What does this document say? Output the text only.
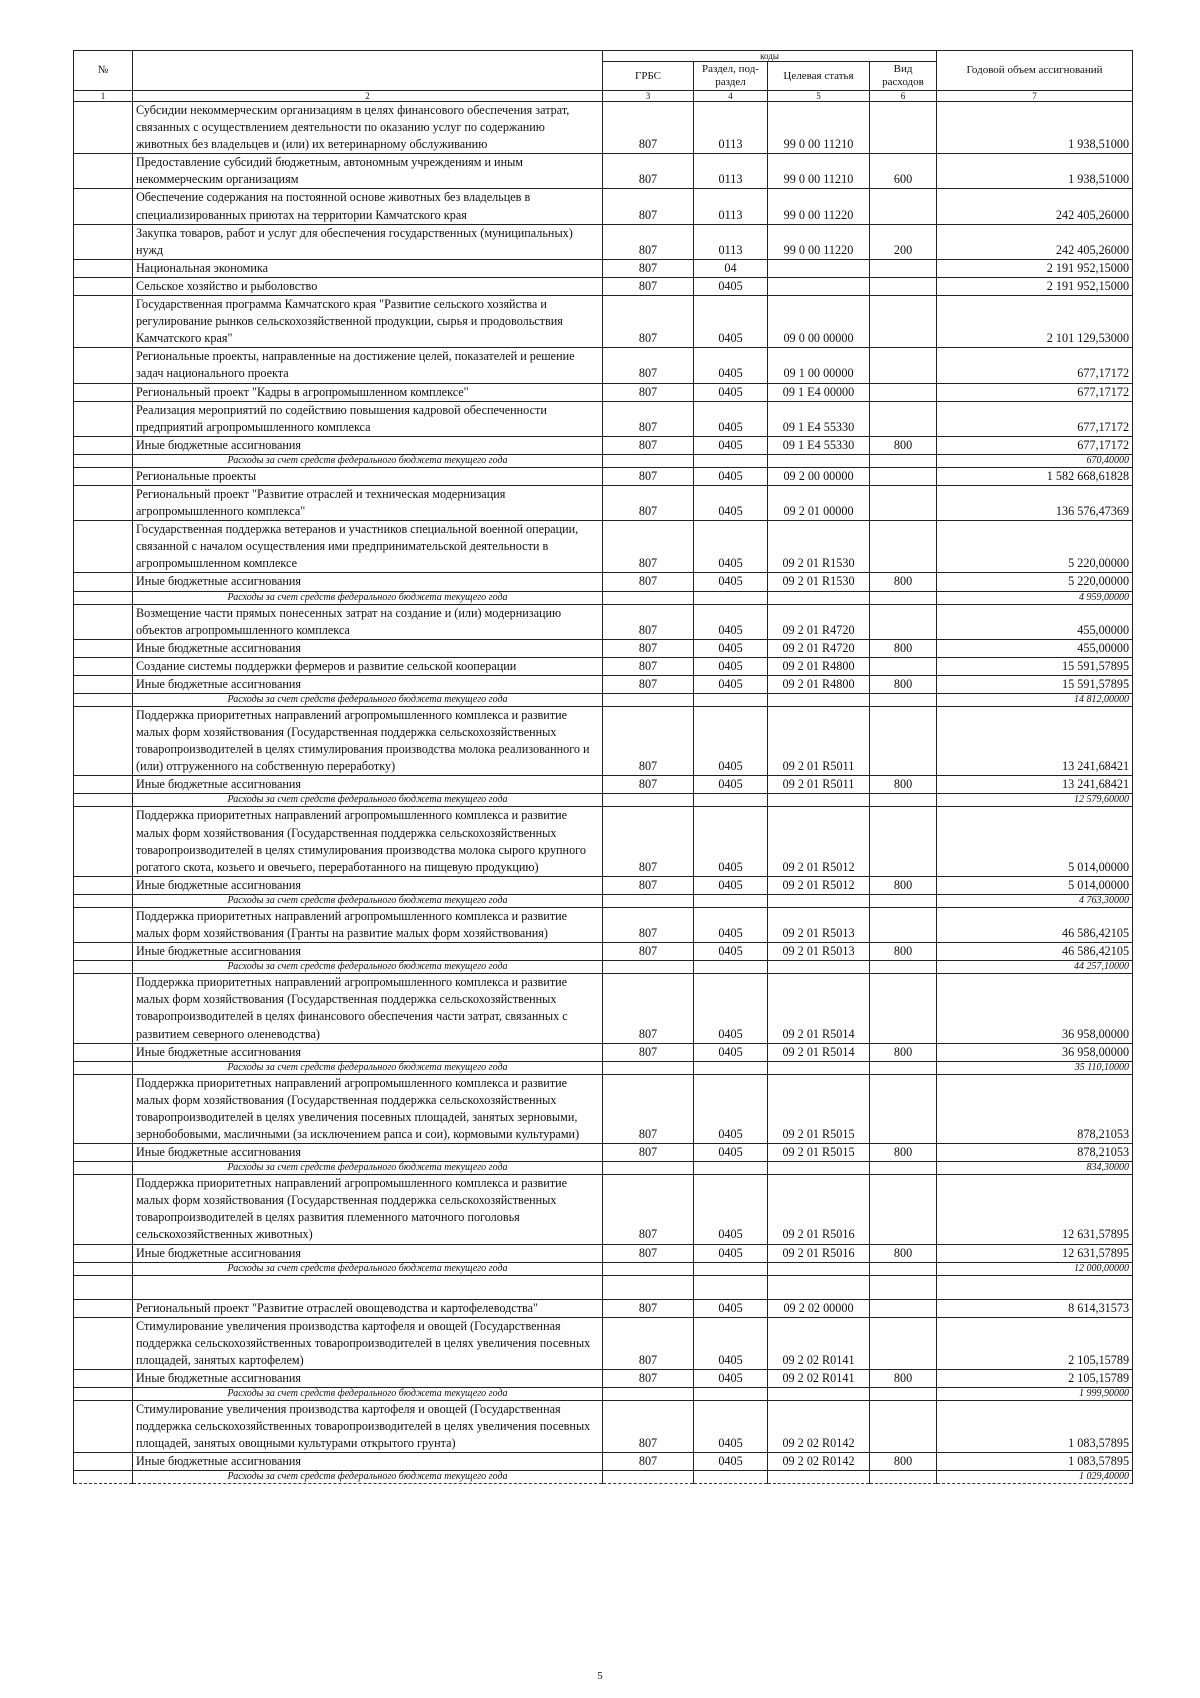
№		коды				Годовой объем ассигнований
		ГРБС	Раздел, под-раздел	Целевая статья	Вид расходов	
1	2	3	4	5	6	7
	Субсидии некоммерческим организациям в целях финансового обеспечения затрат, связанных с осуществлением деятельности по оказанию услуг по содержанию животных без владельцев и (или) их ветеринарному обслуживанию	807	0113	99 0 00 11210		1 938,51000
	Предоставление субсидий бюджетным, автономным учреждениям и иным некоммерческим организациям	807	0113	99 0 00 11210	600	1 938,51000
	Обеспечение содержания на постоянной основе животных без владельцев в специализированных приютах на территории Камчатского края	807	0113	99 0 00 11220		242 405,26000
	Закупка товаров, работ и услуг для обеспечения государственных (муниципальных) нужд	807	0113	99 0 00 11220	200	242 405,26000
	Национальная экономика	807	04			2 191 952,15000
	Сельское хозяйство и рыболовство	807	0405			2 191 952,15000
	Государственная программа Камчатского края "Развитие сельского хозяйства и регулирование рынков сельскохозяйственной продукции, сырья и продовольствия Камчатского края"	807	0405	09 0 00 00000		2 101 129,53000
	Региональные проекты, направленные на достижение целей, показателей и решение задач национального проекта	807	0405	09 1 00 00000		677,17172
	Региональный проект "Кадры в агропромышленном комплексе"	807	0405	09 1 E4 00000		677,17172
	Реализация мероприятий по содействию повышения кадровой обеспеченности предприятий агропромышленного комплекса	807	0405	09 1 E4 55330		677,17172
	Иные бюджетные ассигнования	807	0405	09 1 E4 55330	800	677,17172
	Расходы за счет средств федерального бюджета текущего года					670,40000
	Региональные проекты	807	0405	09 2 00 00000		1 582 668,61828
	Региональный проект "Развитие отраслей и техническая модернизация агропромышленного комплекса"	807	0405	09 2 01 00000		136 576,47369
	Государственная поддержка ветеранов и участников специальной военной операции, связанной с началом осуществления ими предпринимательской деятельности в агропромышленном комплексе	807	0405	09 2 01 R1530		5 220,00000
	Иные бюджетные ассигнования	807	0405	09 2 01 R1530	800	5 220,00000
	Расходы за счет средств федерального бюджета текущего года					4 959,00000
	Возмещение части прямых понесенных затрат на создание и (или) модернизацию объектов агропромышленного комплекса	807	0405	09 2 01 R4720		455,00000
	Иные бюджетные ассигнования	807	0405	09 2 01 R4720	800	455,00000
	Создание системы поддержки фермеров и развитие сельской кооперации	807	0405	09 2 01 R4800		15 591,57895
	Иные бюджетные ассигнования	807	0405	09 2 01 R4800	800	15 591,57895
	Расходы за счет средств федерального бюджета текущего года					14 812,00000
	Поддержка приоритетных направлений агропромышленного комплекса и развитие малых форм хозяйствования (Государственная поддержка сельскохозяйственных товаропроизводителей в целях стимулирования производства молока реализованного и (или) отгруженного на собственную переработку)	807	0405	09 2 01 R5011		13 241,68421
	Иные бюджетные ассигнования	807	0405	09 2 01 R5011	800	13 241,68421
	Расходы за счет средств федерального бюджета текущего года					12 579,60000
	Поддержка приоритетных направлений агропромышленного комплекса и развитие малых форм хозяйствования (Государственная поддержка сельскохозяйственных товаропроизводителей в целях стимулирования производства молока сырого крупного рогатого скота, козьего и овечьего, переработанного на пищевую продукцию)	807	0405	09 2 01 R5012		5 014,00000
	Иные бюджетные ассигнования	807	0405	09 2 01 R5012	800	5 014,00000
	Расходы за счет средств федерального бюджета текущего года					4 763,30000
	Поддержка приоритетных направлений агропромышленного комплекса и развитие малых форм хозяйствования (Гранты на развитие малых форм хозяйствования)	807	0405	09 2 01 R5013		46 586,42105
	Иные бюджетные ассигнования	807	0405	09 2 01 R5013	800	46 586,42105
	Расходы за счет средств федерального бюджета текущего года					44 257,10000
	Поддержка приоритетных направлений агропромышленного комплекса и развитие малых форм хозяйствования (Государственная поддержка сельскохозяйственных товаропроизводителей в целях финансового обеспечения части затрат, связанных с развитием северного оленеводства)	807	0405	09 2 01 R5014		36 958,00000
	Иные бюджетные ассигнования	807	0405	09 2 01 R5014	800	36 958,00000
	Расходы за счет средств федерального бюджета текущего года					35 110,10000
	Поддержка приоритетных направлений агропромышленного комплекса и развитие малых форм хозяйствования (Государственная поддержка сельскохозяйственных товаропроизводителей в целях увеличения посевных площадей, занятых зерновыми, зернобобовыми, масличными (за исключением рапса и сои), кормовыми культурами)	807	0405	09 2 01 R5015		878,21053
	Иные бюджетные ассигнования	807	0405	09 2 01 R5015	800	878,21053
	Расходы за счет средств федерального бюджета текущего года					834,30000
	Поддержка приоритетных направлений агропромышленного комплекса и развитие малых форм хозяйствования (Государственная поддержка сельскохозяйственных товаропроизводителей в целях развития племенного маточного поголовья сельскохозяйственных животных)	807	0405	09 2 01 R5016		12 631,57895
	Иные бюджетные ассигнования	807	0405	09 2 01 R5016	800	12 631,57895
	Расходы за счет средств федерального бюджета текущего года					12 000,00000

	Региональный проект "Развитие отраслей овощеводства и картофелеводства"	807	0405	09 2 02 00000		8 614,31573
	Стимулирование увеличения производства картофеля и овощей (Государственная поддержка сельскохозяйственных товаропроизводителей в целях увеличения посевных площадей, занятых картофелем)	807	0405	09 2 02 R0141		2 105,15789
	Иные бюджетные ассигнования	807	0405	09 2 02 R0141	800	2 105,15789
	Расходы за счет средств федерального бюджета текущего года					1 999,90000
	Стимулирование увеличения производства картофеля и овощей (Государственная поддержка сельскохозяйственных товаропроизводителей в целях увеличения посевных площадей, занятых овощными культурами открытого грунта)	807	0405	09 2 02 R0142		1 083,57895
	Иные бюджетные ассигнования	807	0405	09 2 02 R0142	800	1 083,57895
	Расходы за счет средств федерального бюджета текущего года					1 029,40000
5
